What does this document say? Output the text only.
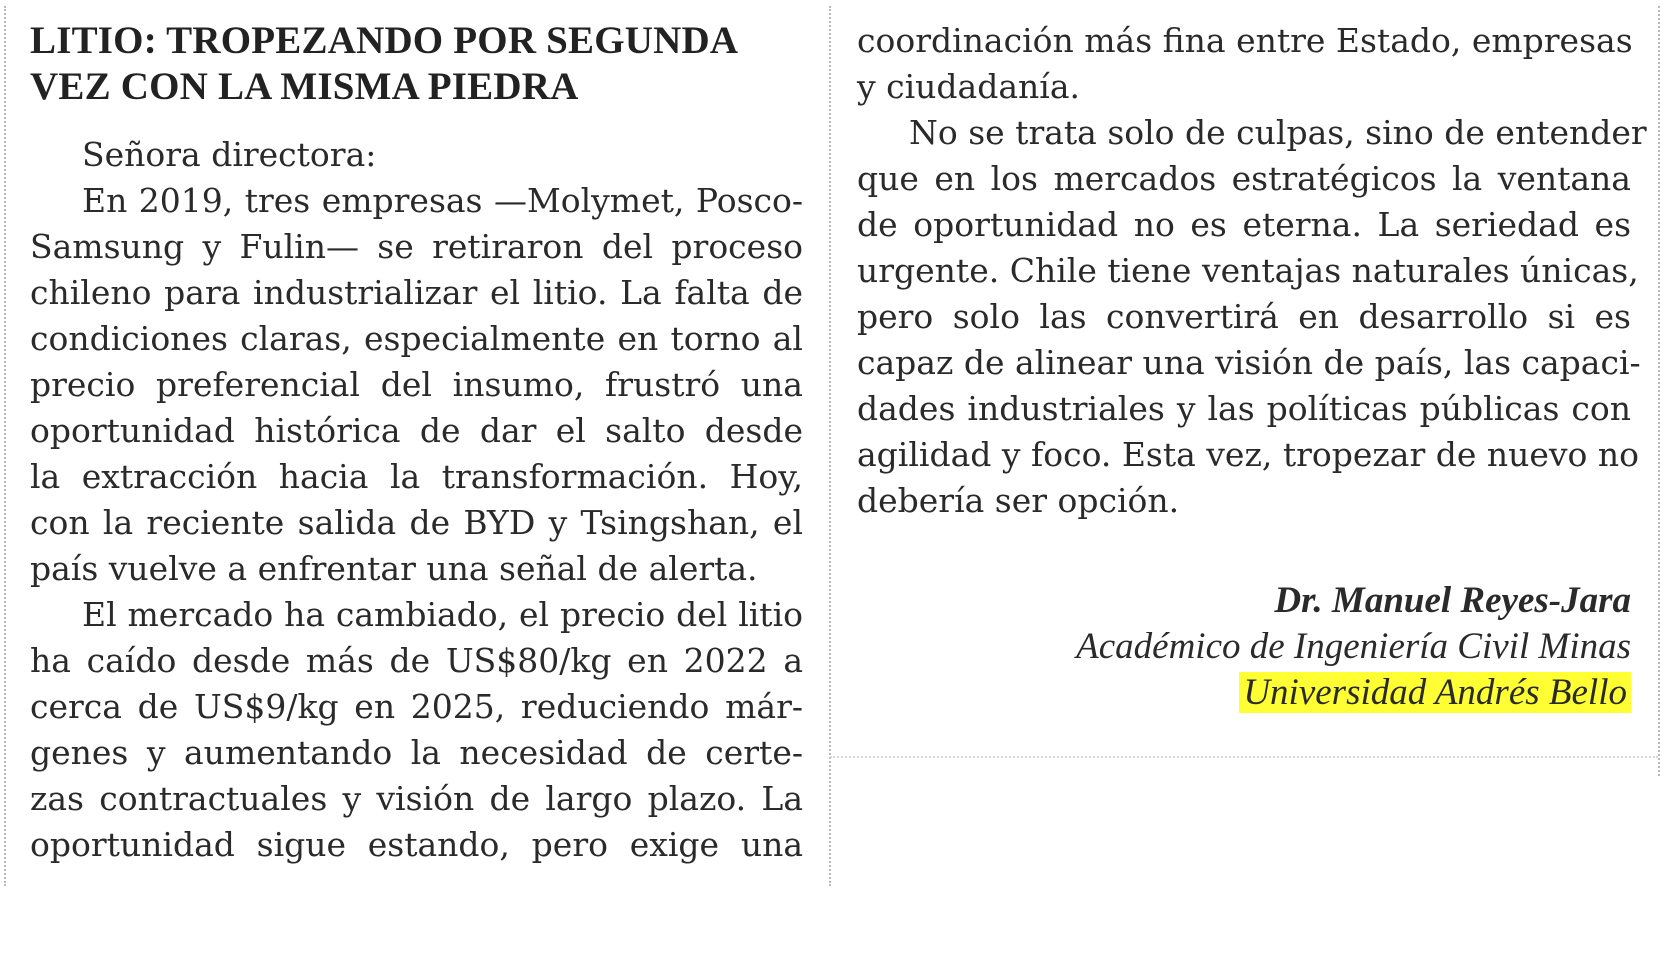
LITIO: TROPEZANDO POR SEGUNDA
VEZ CON LA MISMA PIEDRA
Señora directora:
En 2019, tres empresas —Molymet, Posco-
Samsung y Fulin— se retiraron del proceso
chileno para industrializar el litio. La falta de
condiciones claras, especialmente en torno al
precio preferencial del insumo, frustró una
oportunidad histórica de dar el salto desde
la extracción hacia la transformación. Hoy,
con la reciente salida de BYD y Tsingshan, el
país vuelve a enfrentar una señal de alerta.
El mercado ha cambiado, el precio del litio
ha caído desde más de US$80/kg en 2022 a
cerca de US$9/kg en 2025, reduciendo már-
genes y aumentando la necesidad de certe-
zas contractuales y visión de largo plazo. La
oportunidad sigue estando, pero exige una
coordinación más fina entre Estado, empresas
y ciudadanía.
No se trata solo de culpas, sino de entender
que en los mercados estratégicos la ventana
de oportunidad no es eterna. La seriedad es
urgente. Chile tiene ventajas naturales únicas,
pero solo las convertirá en desarrollo si es
capaz de alinear una visión de país, las capaci-
dades industriales y las políticas públicas con
agilidad y foco. Esta vez, tropezar de nuevo no
debería ser opción.
Dr. Manuel Reyes-Jara
Académico de Ingeniería Civil Minas
Universidad Andrés Bello
